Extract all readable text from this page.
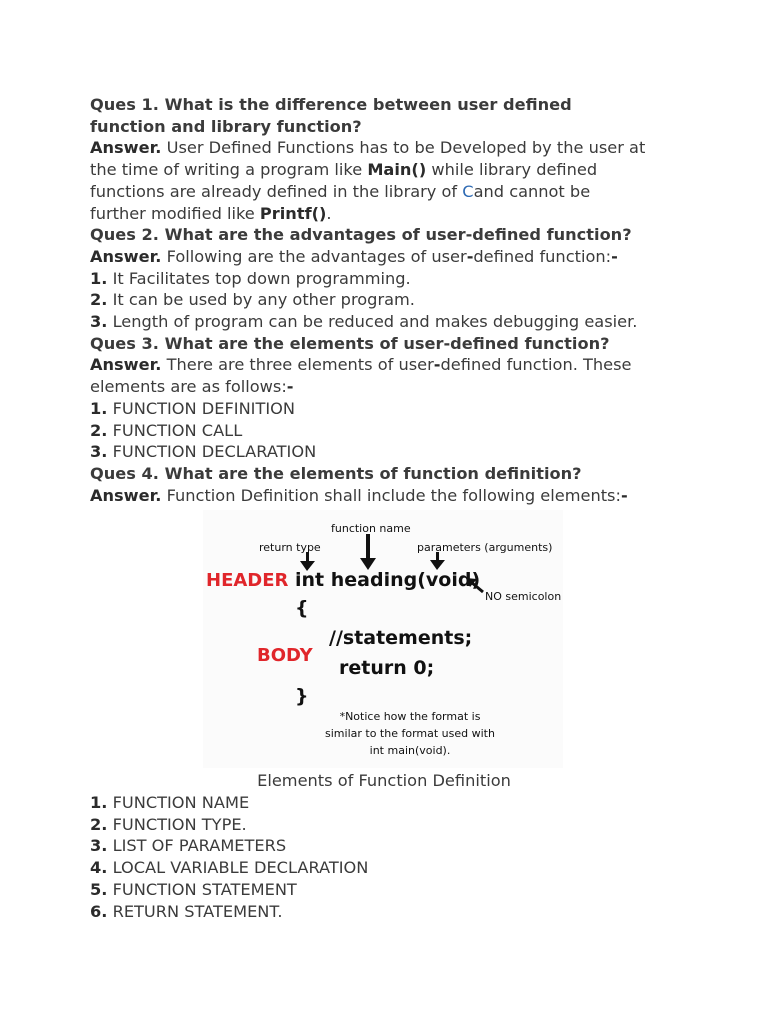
Ques 1. What is the difference between user defined
function and library function?
Answer. User Defined Functions has to be Developed by the user at
the time of writing a program like Main() while library defined
functions are already defined in the library of Cand cannot be
further modified like Printf().
Ques 2. What are the advantages of user-defined function?
Answer. Following are the advantages of user-defined function:-
1. It Facilitates top down programming.
2. It can be used by any other program.
3. Length of program can be reduced and makes debugging easier.
Ques 3. What are the elements of user-defined function?
Answer. There are three elements of user-defined function. These
elements are as follows:-
1. FUNCTION DEFINITION
2. FUNCTION CALL
3. FUNCTION DECLARATION
Ques 4. What are the elements of function definition?
Answer. Function Definition shall include the following elements:-
function name
return type	parameters (arguments)
HEADER int heading(void)
NO semicolon
{
BODY
//statements;
return 0;
}
*Notice how the format is
similar to the format used with
int main(void).
Elements of Function Definition
1. FUNCTION NAME
2. FUNCTION TYPE.
3. LIST OF PARAMETERS
4. LOCAL VARIABLE DECLARATION
5. FUNCTION STATEMENT
6. RETURN STATEMENT.
